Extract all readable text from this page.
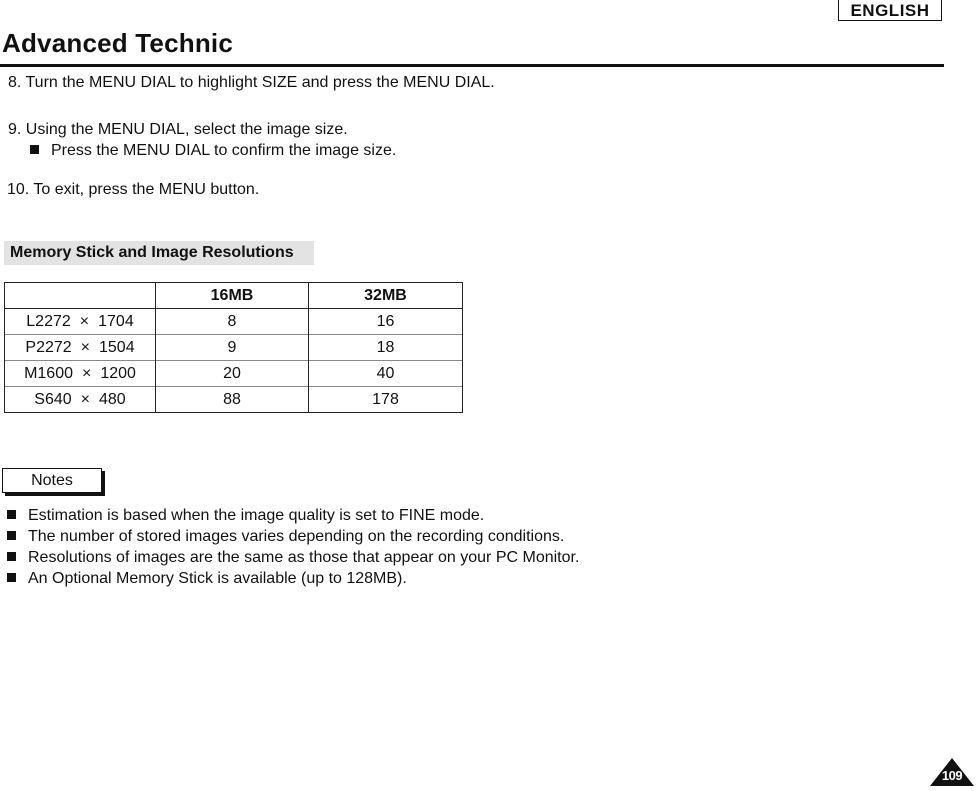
ENGLISH
Advanced Technic
8. Turn the MENU DIAL to highlight SIZE and press the MENU DIAL.
9. Using the MENU DIAL, select the image size.
Press the MENU DIAL to confirm the image size.
10. To exit, press the MENU button.
Memory Stick and Image Resolutions
	16MB	32MB
L2272 × 1704	8	16
P2272 × 1504	9	18
M1600 × 1200	20	40
S640 × 480	88	178
Notes
Estimation is based when the image quality is set to FINE mode.
The number of stored images varies depending on the recording conditions.
Resolutions of images are the same as those that appear on your PC Monitor.
An Optional Memory Stick is available (up to 128MB).
109
